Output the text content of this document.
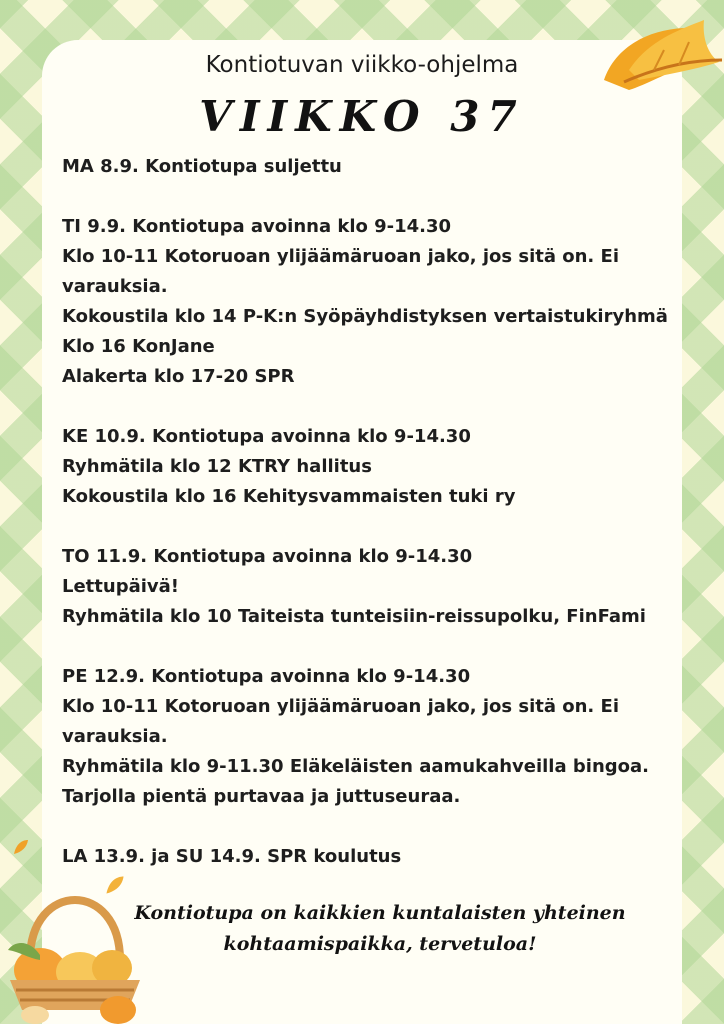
Kontiotuvan viikko-ohjelma
VIIKKO 37
MA 8.9. Kontiotupa suljettu
TI 9.9. Kontiotupa avoinna klo 9-14.30
Klo 10-11 Kotoruoan ylijäämäruoan jako, jos sitä on. Ei
varauksia.
Kokoustila klo 14 P-K:n Syöpäyhdistyksen vertaistukiryhmä
Klo 16 KonJane
Alakerta klo 17-20 SPR
KE 10.9. Kontiotupa avoinna klo 9-14.30
Ryhmätila klo 12 KTRY hallitus
Kokoustila klo 16 Kehitysvammaisten tuki ry
TO 11.9. Kontiotupa avoinna klo 9-14.30
Lettupäivä!
Ryhmätila klo 10 Taiteista tunteisiin-reissupolku, FinFami
PE 12.9. Kontiotupa avoinna klo 9-14.30
Klo 10-11 Kotoruoan ylijäämäruoan jako, jos sitä on. Ei
varauksia.
Ryhmätila klo 9-11.30 Eläkeläisten aamukahveilla bingoa.
Tarjolla pientä purtavaa ja juttuseuraa.
LA 13.9. ja SU 14.9. SPR koulutus
Kontiotupa on kaikkien kuntalaisten yhteinen
kohtaamispaikka, tervetuloa!
